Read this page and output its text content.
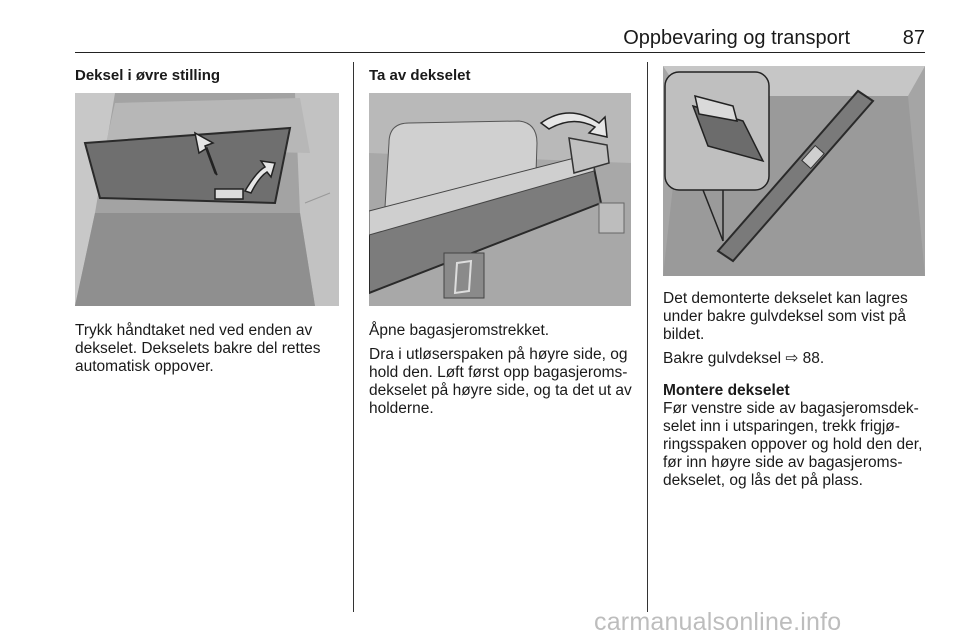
Oppbevaring og transport	87
Deksel i øvre stilling

Trykk håndtaket ned ved enden av dekselet. Dekselets bakre del rettes automatisk oppover.

Ta av dekselet

Åpne bagasjeromstrekket.

Dra i utløserspaken på høyre side, og hold den. Løft først opp bagasjeroms-dekselet på høyre side, og ta det ut av holderne.

Det demonterte dekselet kan lagres under bakre gulvdeksel som vist på bildet.

Bakre gulvdeksel ⇨ 88.

Montere dekselet

Før venstre side av bagasjeromsdek-selet inn i utsparingen, trekk frigjø-ringsspaken oppover og hold den der, før inn høyre side av bagasjeroms-dekselet, og lås det på plass.

carmanualsonline.info
